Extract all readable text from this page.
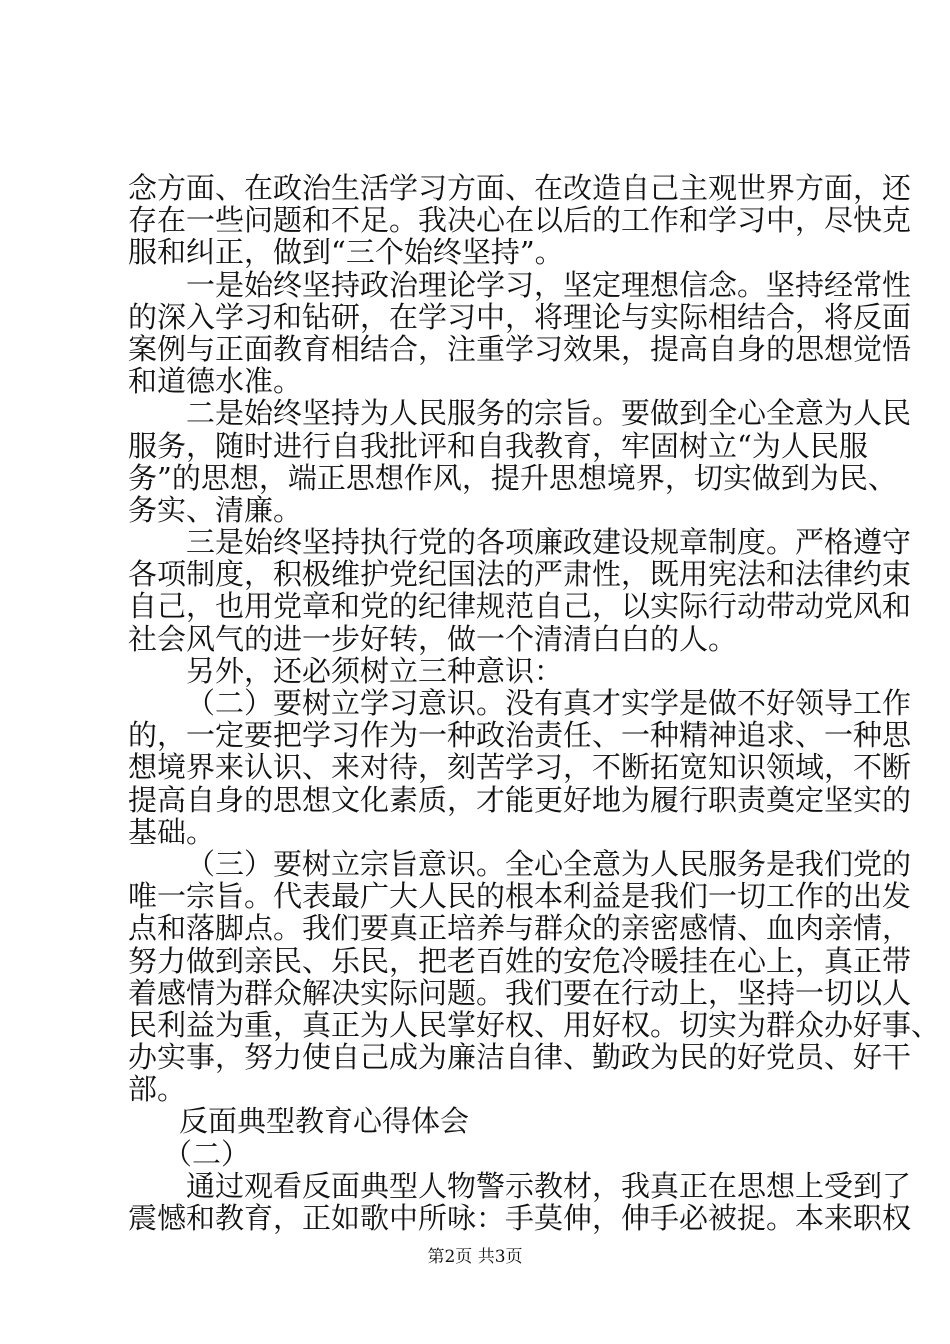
念方面、在政治生活学习方面、在改造自己主观世界方面，还
存在一些问题和不足。我决心在以后的工作和学习中，尽快克
服和纠正，做到“三个始终坚持”。
一是始终坚持政治理论学习，坚定理想信念。坚持经常性
的深入学习和钻研，在学习中，将理论与实际相结合，将反面
案例与正面教育相结合，注重学习效果，提高自身的思想觉悟
和道德水准。
二是始终坚持为人民服务的宗旨。要做到全心全意为人民
服务，随时进行自我批评和自我教育，牢固树立“为人民服
务”的思想，端正思想作风，提升思想境界，切实做到为民、
务实、清廉。
三是始终坚持执行党的各项廉政建设规章制度。严格遵守
各项制度，积极维护党纪国法的严肃性，既用宪法和法律约束
自己，也用党章和党的纪律规范自己，以实际行动带动党风和
社会风气的进一步好转，做一个清清白白的人。
另外，还必须树立三种意识：
（二）要树立学习意识。没有真才实学是做不好领导工作
的，一定要把学习作为一种政治责任、一种精神追求、一种思
想境界来认识、来对待，刻苦学习，不断拓宽知识领域，不断
提高自身的思想文化素质，才能更好地为履行职责奠定坚实的
基础。
（三）要树立宗旨意识。全心全意为人民服务是我们党的
唯一宗旨。代表最广大人民的根本利益是我们一切工作的出发
点和落脚点。我们要真正培养与群众的亲密感情、血肉亲情，
努力做到亲民、乐民，把老百姓的安危冷暖挂在心上，真正带
着感情为群众解决实际问题。我们要在行动上，坚持一切以人
民利益为重，真正为人民掌好权、用好权。切实为群众办好事、
办实事，努力使自己成为廉洁自律、勤政为民的好党员、好干
部。
反面典型教育心得体会
（二）
通过观看反面典型人物警示教材，我真正在思想上受到了
震憾和教育，正如歌中所咏：手莫伸，伸手必被捉。本来职权
第2页 共3页
